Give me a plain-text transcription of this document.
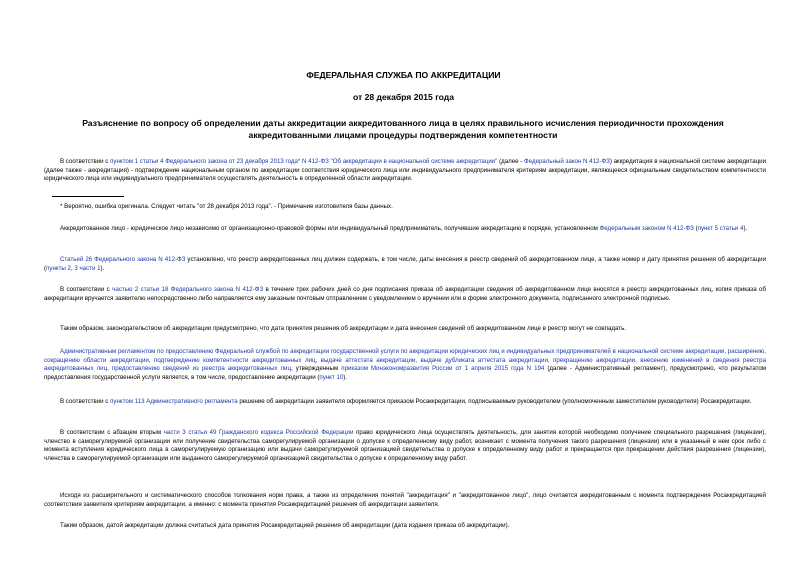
ФЕДЕРАЛЬНАЯ СЛУЖБА ПО АККРЕДИТАЦИИ
от 28 декабря 2015 года
Разъяснение по вопросу об определении даты аккредитации аккредитованного лица в целях правильного исчисления периодичности прохождения аккредитованными лицами процедуры подтверждения компетентности
В соответствии с пунктом 1 статьи 4 Федерального закона от 23 декабря 2013 года* N 412-ФЗ "Об аккредитации в национальной системе аккредитации" (далее - Федеральный закон N 412-ФЗ) аккредитация в национальной системе аккредитации (далее также - аккредитация) - подтверждение национальным органом по аккредитации соответствия юридического лица или индивидуального предпринимателя критериям аккредитации, являющееся официальным свидетельством компетентности юридического лица или индивидуального предпринимателя осуществлять деятельность в определенной области аккредитации.
* Вероятно, ошибка оригинала. Следует читать "от 28 декабря 2013 года". - Примечание изготовителя базы данных.
Аккредитованное лицо - юридическое лицо независимо от организационно-правовой формы или индивидуальный предприниматель, получившие аккредитацию в порядке, установленном Федеральным законом N 412-ФЗ (пункт 5 статьи 4).
Статьей 26 Федерального закона N 412-ФЗ установлено, что реестр аккредитованных лиц должен содержать, в том числе, даты внесения в реестр сведений об аккредитованном лице, а также номер и дату принятия решения об аккредитации (пункты 2, 3 части 1).
В соответствии с частью 2 статьи 18 Федерального закона N 412-ФЗ в течение трех рабочих дней со дня подписания приказа об аккредитации сведения об аккредитованном лице вносятся в реестр аккредитованных лиц, копия приказа об аккредитации вручается заявителю непосредственно либо направляется ему заказным почтовым отправлением с уведомлением о вручении или в форме электронного документа, подписанного электронной подписью.
Таким образом, законодательством об аккредитации предусмотрено, что дата принятия решения об аккредитации и дата внесения сведений об аккредитованном лице в реестр могут не совпадать.
Административным регламентом по предоставлению Федеральной службой по аккредитации государственной услуги по аккредитации юридических лиц и индивидуальных предпринимателей в национальной системе аккредитации, расширению, сокращению области аккредитации, подтверждению компетентности аккредитованных лиц, выдаче аттестата аккредитации, выдаче дубликата аттестата аккредитации, прекращению аккредитации, внесению изменений в сведения реестра аккредитованных лиц, предоставлению сведений из реестра аккредитованных лиц, утвержденным приказом Минэкономразвития России от 1 апреля 2015 года N 194 (далее - Административный регламент), предусмотрено, что результатом предоставления государственной услуги является, в том числе, предоставление аккредитации (пункт 10).
В соответствии с пунктом 113 Административного регламента решение об аккредитации заявителя оформляется приказом Росаккредитации, подписываемым руководителем (уполномоченным заместителем руководителя) Росаккредитации.
В соответствии с абзацем вторым части 3 статьи 49 Гражданского кодекса Российской Федерации право юридического лица осуществлять деятельность, для занятия которой необходимо получение специального разрешения (лицензии), членство в саморегулируемой организации или получение свидетельства саморегулируемой организации о допуске к определенному виду работ, возникает с момента получения такого разрешения (лицензии) или в указанный в нем срок либо с момента вступления юридического лица в саморегулируемую организацию или выдачи саморегулируемой организацией свидетельства о допуске к определенному виду работ и прекращается при прекращении действия разрешения (лицензии), членства в саморегулируемой организации или выданного саморегулируемой организацией свидетельства о допуске к определенному виду работ.
Исходя из расширительного и систематического способов толкования норм права, а также из определения понятий "аккредитация" и "аккредитованное лицо", лицо считается аккредитованным с момента подтверждения Росаккредитацией соответствия заявителя критериям аккредитации, а именно: с момента принятия Росаккредитацией решения об аккредитации заявителя.
Таким образом, датой аккредитации должна считаться дата принятия Росаккредитацией решения об аккредитации (дата издания приказа об аккредитации).
